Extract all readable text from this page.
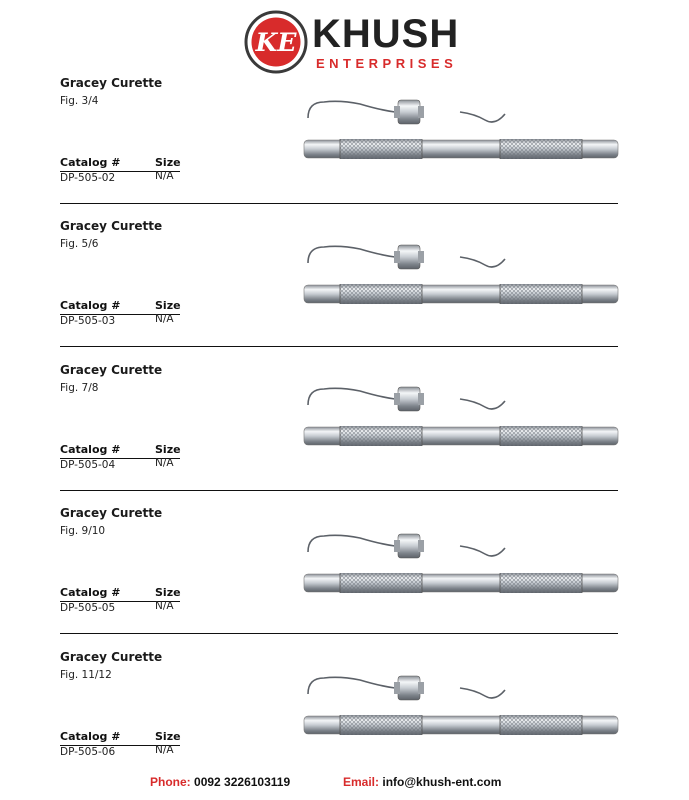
KE KHUSH
ENTERPRISES
Gracey Curette
Fig. 3/4
Catalog #	Size
DP-505-02	N/A
Gracey Curette
Fig. 5/6
Catalog #	Size
DP-505-03	N/A
Gracey Curette
Fig. 7/8
Catalog #	Size
DP-505-04	N/A
Gracey Curette
Fig. 9/10
Catalog #	Size
DP-505-05	N/A
Gracey Curette
Fig. 11/12
Catalog #	Size
DP-505-06	N/A
Phone: 0092 3226103119	Email: info@khush-ent.com
